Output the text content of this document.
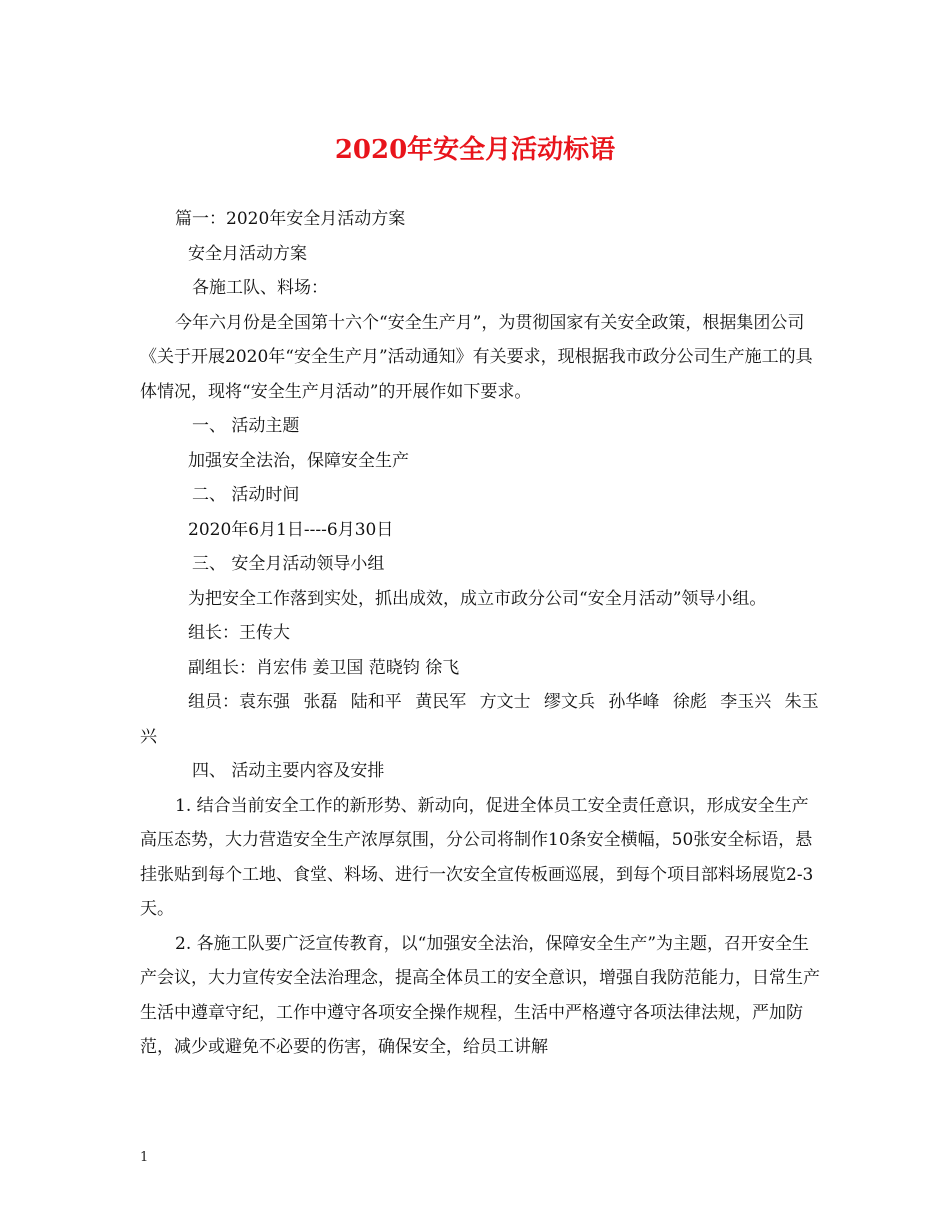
2020年安全月活动标语

篇一：2020年安全月活动方案

安全月活动方案

各施工队、料场：

今年六月份是全国第十六个“安全生产月”，为贯彻国家有关安全政策，根据集团公司《关于开展2020年“安全生产月”活动通知》有关要求，现根据我市政分公司生产施工的具体情况，现将“安全生产月活动”的开展作如下要求。

一、 活动主题

加强安全法治，保障安全生产

二、 活动时间

2020年6月1日----6月30日

三、 安全月活动领导小组

为把安全工作落到实处，抓出成效，成立市政分公司“安全月活动”领导小组。

组长：王传大

副组长：肖宏伟 姜卫国 范晓钧 徐飞

组员：袁东强 张磊 陆和平 黄民军 方文士 缪文兵 孙华峰 徐彪 李玉兴 朱玉兴

四、 活动主要内容及安排

1. 结合当前安全工作的新形势、新动向，促进全体员工安全责任意识，形成安全生产高压态势，大力营造安全生产浓厚氛围，分公司将制作10条安全横幅，50张安全标语，悬挂张贴到每个工地、食堂、料场、进行一次安全宣传板画巡展，到每个项目部料场展览2-3天。

2. 各施工队要广泛宣传教育，以“加强安全法治，保障安全生产”为主题，召开安全生产会议，大力宣传安全法治理念，提高全体员工的安全意识，增强自我防范能力，日常生产生活中遵章守纪，工作中遵守各项安全操作规程，生活中严格遵守各项法律法规，严加防范，减少或避免不必要的伤害，确保安全，给员工讲解

1
